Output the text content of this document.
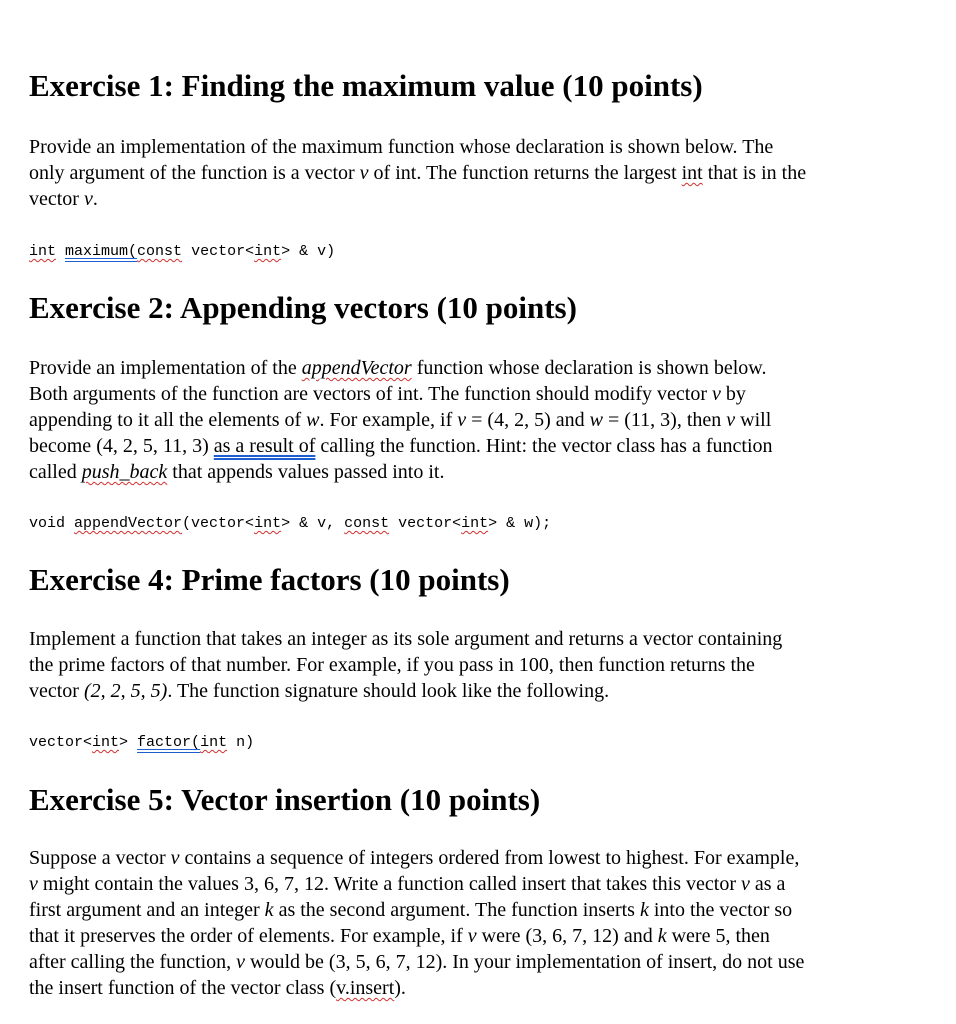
Exercise 1: Finding the maximum value (10 points)
Provide an implementation of the maximum function whose declaration is shown below. The
only argument of the function is a vector v of int. The function returns the largest int that is in the
vector v.
int maximum(const vector<int> & v)
Exercise 2: Appending vectors (10 points)
Provide an implementation of the appendVector function whose declaration is shown below.
Both arguments of the function are vectors of int. The function should modify vector v by
appending to it all the elements of w. For example, if v = (4, 2, 5) and w = (11, 3), then v will
become (4, 2, 5, 11, 3) as a result of calling the function. Hint: the vector class has a function
called push_back that appends values passed into it.
void appendVector(vector<int> & v, const vector<int> & w);
Exercise 4: Prime factors (10 points)
Implement a function that takes an integer as its sole argument and returns a vector containing
the prime factors of that number. For example, if you pass in 100, then function returns the
vector (2, 2, 5, 5). The function signature should look like the following.
vector<int> factor(int n)
Exercise 5: Vector insertion (10 points)
Suppose a vector v contains a sequence of integers ordered from lowest to highest. For example,
v might contain the values 3, 6, 7, 12. Write a function called insert that takes this vector v as a
first argument and an integer k as the second argument. The function inserts k into the vector so
that it preserves the order of elements. For example, if v were (3, 6, 7, 12) and k were 5, then
after calling the function, v would be (3, 5, 6, 7, 12). In your implementation of insert, do not use
the insert function of the vector class (v.insert).
